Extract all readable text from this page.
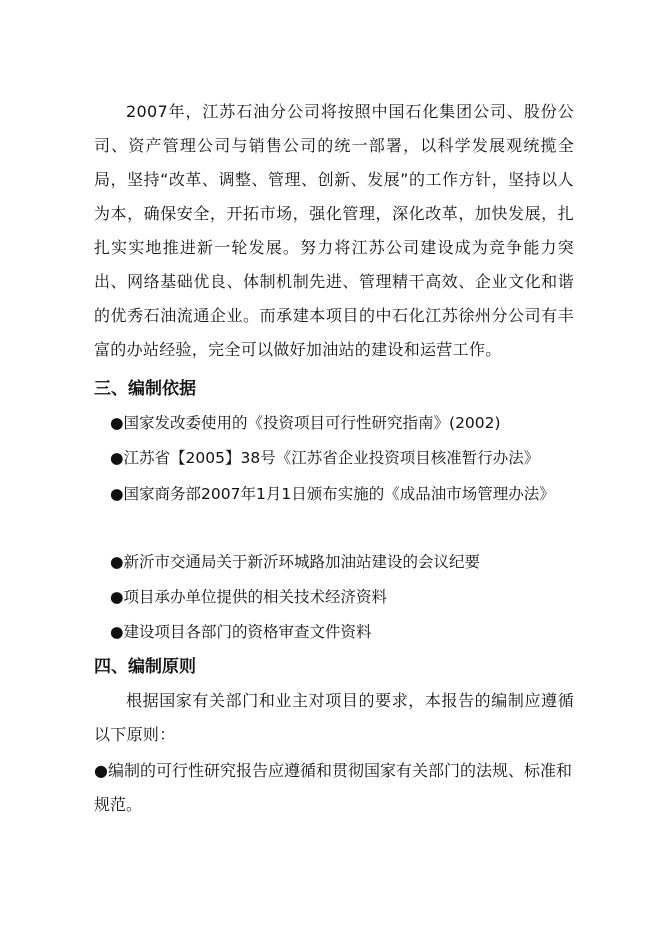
2007年，江苏石油分公司将按照中国石化集团公司、股份公司、资产管理公司与销售公司的统一部署，以科学发展观统揽全局，坚持“改革、调整、管理、创新、发展”的工作方针，坚持以人为本，确保安全，开拓市场，强化管理，深化改革，加快发展，扎扎实实地推进新一轮发展。努力将江苏公司建设成为竞争能力突出、网络基础优良、体制机制先进、管理精干高效、企业文化和谐的优秀石油流通企业。而承建本项目的中石化江苏徐州分公司有丰富的办站经验，完全可以做好加油站的建设和运营工作。
三、编制依据
●国家发改委使用的《投资项目可行性研究指南》(2002)
●江苏省【2005】38号《江苏省企业投资项目核准暂行办法》
●国家商务部2007年1月1日颁布实施的《成品油市场管理办法》
●新沂市交通局关于新沂环城路加油站建设的会议纪要
●项目承办单位提供的相关技术经济资料
●建设项目各部门的资格审查文件资料
四、编制原则
根据国家有关部门和业主对项目的要求，本报告的编制应遵循以下原则：
●编制的可行性研究报告应遵循和贯彻国家有关部门的法规、标准和规范。
